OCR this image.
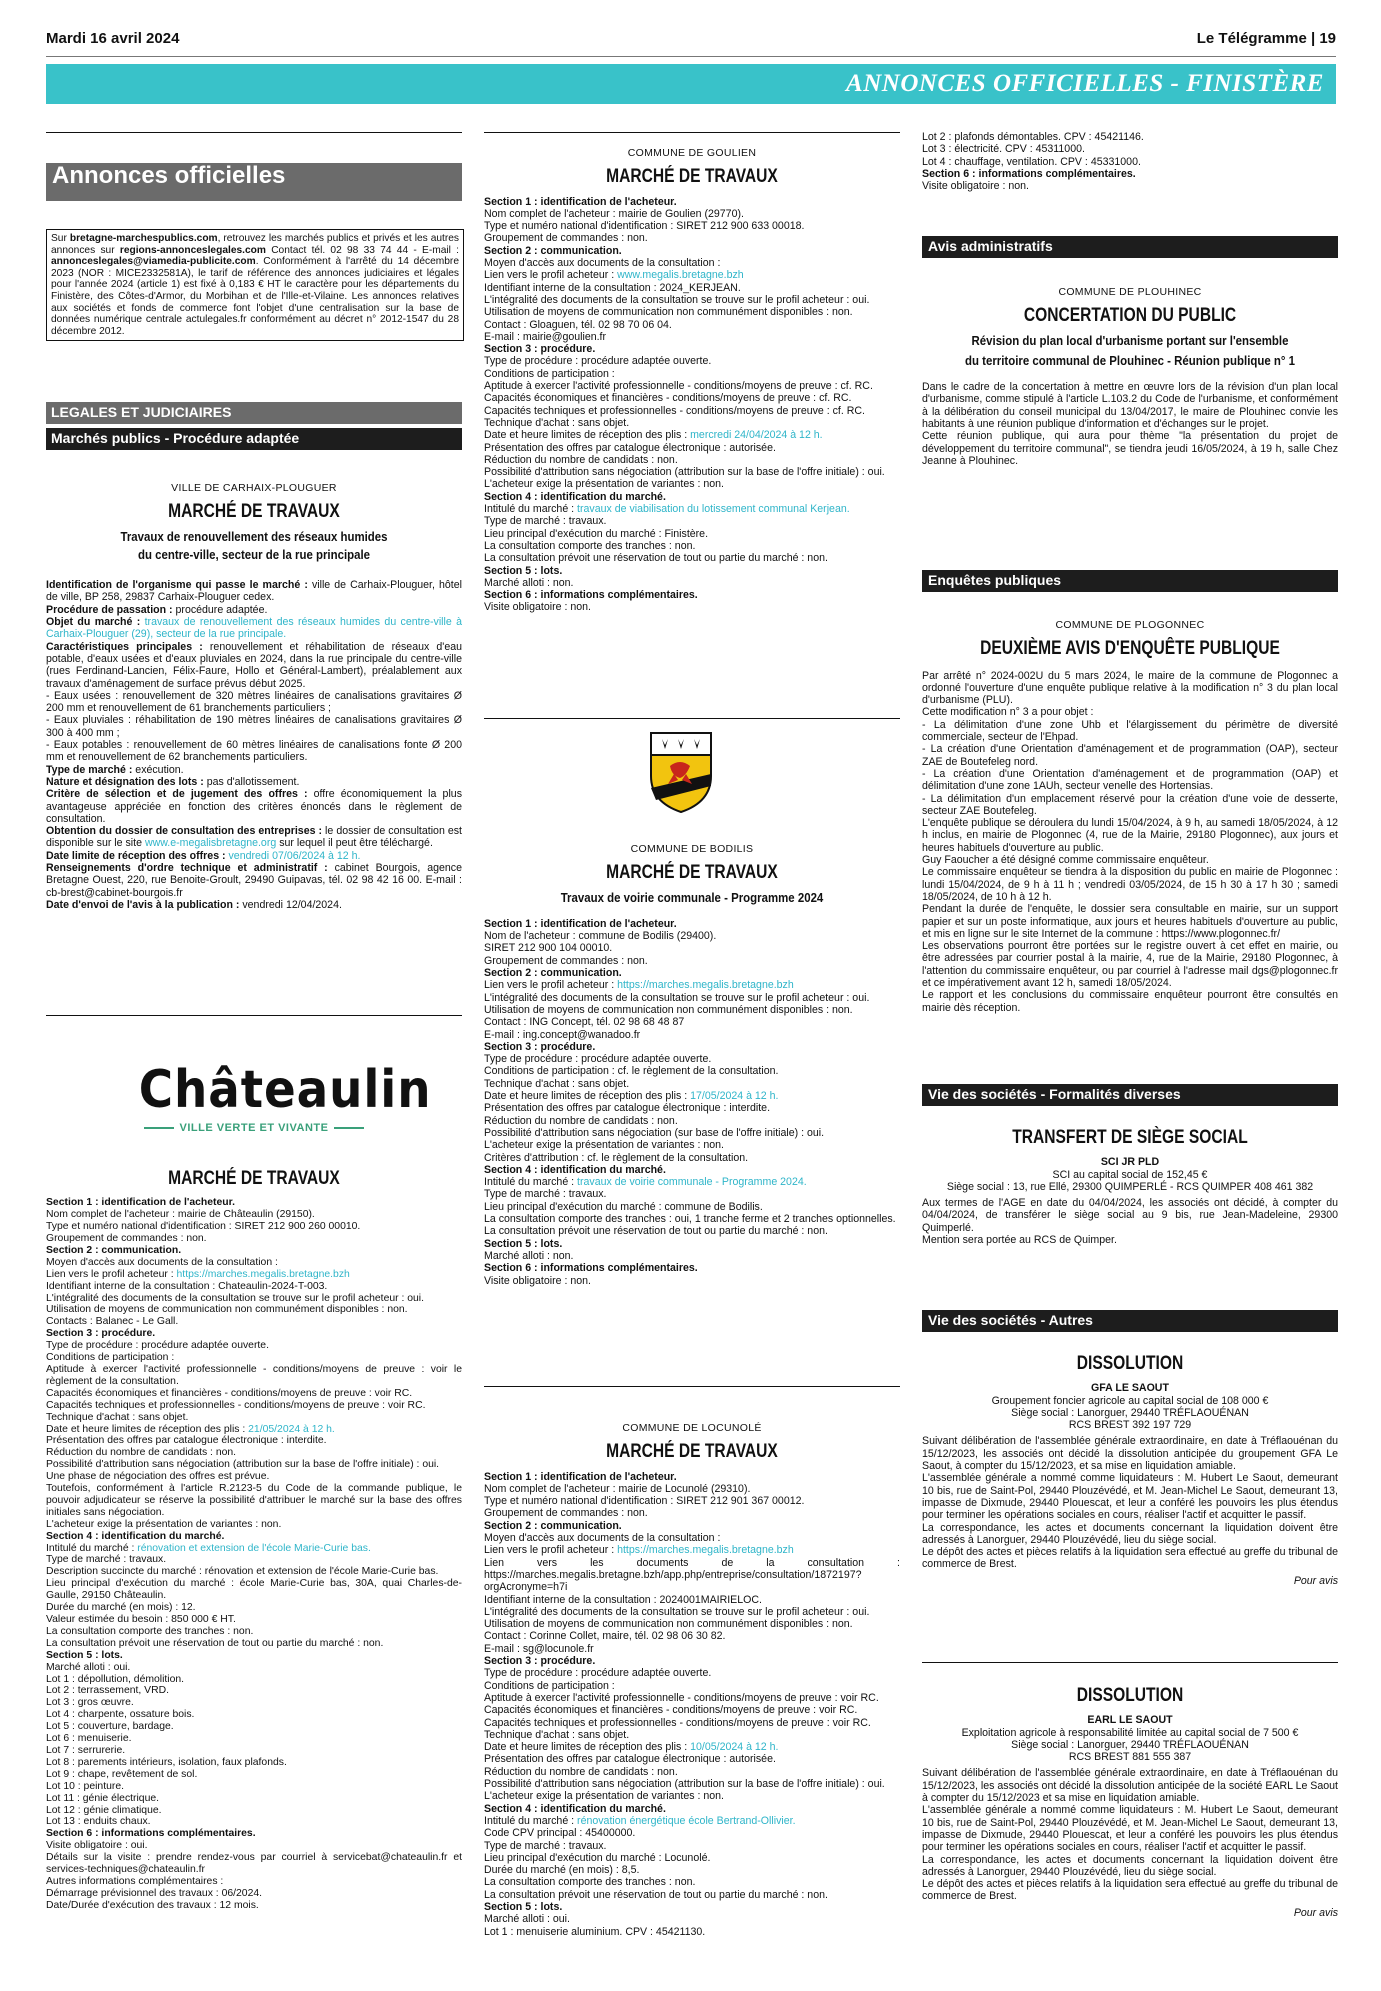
Mardi 16 avril 2024	Le Télégramme | 19
ANNONCES OFFICIELLES - FINISTÈRE
Annonces officielles

Sur bretagne-marchespublics.com, retrouvez les marchés publics et privés et les autres annonces sur regions-annonceslegales.com Contact tél. 02 98 33 74 44 - E-mail : annonceslegales@viamedia-publicite.com. Conformément à l'arrêté du 14 décembre 2023 (NOR : MICE2332581A), le tarif de référence des annonces judiciaires et légales pour l'année 2024 (article 1) est fixé à 0,183 € HT le caractère pour les départements du Finistère, des Côtes-d'Armor, du Morbihan et de l'Ille-et-Vilaine. Les annonces relatives aux sociétés et fonds de commerce font l'objet d'une centralisation sur la base de données numérique centrale actulegales.fr conformément au décret n° 2012-1547 du 28 décembre 2012.

LEGALES ET JUDICIAIRES
Marchés publics - Procédure adaptée
VILLE DE CARHAIX-PLOUGUER
MARCHÉ DE TRAVAUX
Travaux de renouvellement des réseaux humides
du centre-ville, secteur de la rue principale

Identification de l'organisme qui passe le marché : ville de Carhaix-Plouguer, hôtel de ville, BP 258, 29837 Carhaix-Plouguer cedex.

Procédure de passation : procédure adaptée.

Objet du marché : travaux de renouvellement des réseaux humides du centre-ville à Carhaix-Plouguer (29), secteur de la rue principale.

Caractéristiques principales : renouvellement et réhabilitation de réseaux d'eau potable, d'eaux usées et d'eaux pluviales en 2024, dans la rue principale du centre-ville (rues Ferdinand-Lancien, Félix-Faure, Hollo et Général-Lambert), préalablement aux travaux d'aménagement de surface prévus début 2025.

- Eaux usées : renouvellement de 320 mètres linéaires de canalisations gravitaires Ø 200 mm et renouvellement de 61 branchements particuliers ;

- Eaux pluviales : réhabilitation de 190 mètres linéaires de canalisations gravitaires Ø 300 à 400 mm ;

- Eaux potables : renouvellement de 60 mètres linéaires de canalisations fonte Ø 200 mm et renouvellement de 62 branchements particuliers.

Type de marché : exécution.

Nature et désignation des lots : pas d'allotissement.

Critère de sélection et de jugement des offres : offre économiquement la plus avantageuse appréciée en fonction des critères énoncés dans le règlement de consultation.

Obtention du dossier de consultation des entreprises : le dossier de consultation est disponible sur le site www.e-megalisbretagne.org sur lequel il peut être téléchargé.

Date limite de réception des offres : vendredi 07/06/2024 à 12 h.

Renseignements d'ordre technique et administratif : cabinet Bourgois, agence Bretagne Ouest, 220, rue Benoite-Groult, 29490 Guipavas, tél. 02 98 42 16 00. E-mail : cb-brest@cabinet-bourgois.fr

Date d'envoi de l'avis à la publication : vendredi 12/04/2024.

Châteaulin
VILLE VERTE ET VIVANTE
MARCHÉ DE TRAVAUX

Section 1 : identification de l'acheteur.

Nom complet de l'acheteur : mairie de Châteaulin (29150).

Type et numéro national d'identification : SIRET 212 900 260 00010.

Groupement de commandes : non.

Section 2 : communication.

Moyen d'accès aux documents de la consultation :

Lien vers le profil acheteur : https://marches.megalis.bretagne.bzh

Identifiant interne de la consultation : Chateaulin-2024-T-003.

L'intégralité des documents de la consultation se trouve sur le profil acheteur : oui.

Utilisation de moyens de communication non communément disponibles : non.

Contacts : Balanec - Le Gall.

Section 3 : procédure.

Type de procédure : procédure adaptée ouverte.

Conditions de participation :

Aptitude à exercer l'activité professionnelle - conditions/moyens de preuve : voir le règlement de la consultation.

Capacités économiques et financières - conditions/moyens de preuve : voir RC.

Capacités techniques et professionnelles - conditions/moyens de preuve : voir RC.

Technique d'achat : sans objet.

Date et heure limites de réception des plis : 21/05/2024 à 12 h.

Présentation des offres par catalogue électronique : interdite.

Réduction du nombre de candidats : non.

Possibilité d'attribution sans négociation (attribution sur la base de l'offre initiale) : oui.

Une phase de négociation des offres est prévue.

Toutefois, conformément à l'article R.2123-5 du Code de la commande publique, le pouvoir adjudicateur se réserve la possibilité d'attribuer le marché sur la base des offres initiales sans négociation.

L'acheteur exige la présentation de variantes : non.

Section 4 : identification du marché.

Intitulé du marché : rénovation et extension de l'école Marie-Curie bas.

Type de marché : travaux.

Description succincte du marché : rénovation et extension de l'école Marie-Curie bas.

Lieu principal d'exécution du marché : école Marie-Curie bas, 30A, quai Charles-de-Gaulle, 29150 Châteaulin.

Durée du marché (en mois) : 12.

Valeur estimée du besoin : 850 000 € HT.

La consultation comporte des tranches : non.

La consultation prévoit une réservation de tout ou partie du marché : non.

Section 5 : lots.

Marché alloti : oui.

Lot 1 : dépollution, démolition.

Lot 2 : terrassement, VRD.

Lot 3 : gros œuvre.

Lot 4 : charpente, ossature bois.

Lot 5 : couverture, bardage.

Lot 6 : menuiserie.

Lot 7 : serrurerie.

Lot 8 : parements intérieurs, isolation, faux plafonds.

Lot 9 : chape, revêtement de sol.

Lot 10 : peinture.

Lot 11 : génie électrique.

Lot 12 : génie climatique.

Lot 13 : enduits chaux.

Section 6 : informations complémentaires.

Visite obligatoire : oui.

Détails sur la visite : prendre rendez-vous par courriel à servicebat@chateaulin.fr et services-techniques@chateaulin.fr

Autres informations complémentaires :

Démarrage prévisionnel des travaux : 06/2024.

Date/Durée d'exécution des travaux : 12 mois.

COMMUNE DE GOULIEN
MARCHÉ DE TRAVAUX

Section 1 : identification de l'acheteur.

Nom complet de l'acheteur : mairie de Goulien (29770).

Type et numéro national d'identification : SIRET 212 900 633 00018.

Groupement de commandes : non.

Section 2 : communication.

Moyen d'accès aux documents de la consultation :

Lien vers le profil acheteur : www.megalis.bretagne.bzh

Identifiant interne de la consultation : 2024_KERJEAN.

L'intégralité des documents de la consultation se trouve sur le profil acheteur : oui.

Utilisation de moyens de communication non communément disponibles : non.

Contact : Gloaguen, tél. 02 98 70 06 04.

E-mail : mairie@goulien.fr

Section 3 : procédure.

Type de procédure : procédure adaptée ouverte.

Conditions de participation :

Aptitude à exercer l'activité professionnelle - conditions/moyens de preuve : cf. RC.

Capacités économiques et financières - conditions/moyens de preuve : cf. RC.

Capacités techniques et professionnelles - conditions/moyens de preuve : cf. RC.

Technique d'achat : sans objet.

Date et heure limites de réception des plis : mercredi 24/04/2024 à 12 h.

Présentation des offres par catalogue électronique : autorisée.

Réduction du nombre de candidats : non.

Possibilité d'attribution sans négociation (attribution sur la base de l'offre initiale) : oui.

L'acheteur exige la présentation de variantes : non.

Section 4 : identification du marché.

Intitulé du marché : travaux de viabilisation du lotissement communal Kerjean.

Type de marché : travaux.

Lieu principal d'exécution du marché : Finistère.

La consultation comporte des tranches : non.

La consultation prévoit une réservation de tout ou partie du marché : non.

Section 5 : lots.

Marché alloti : non.

Section 6 : informations complémentaires.

Visite obligatoire : non.

COMMUNE DE BODILIS
MARCHÉ DE TRAVAUX
Travaux de voirie communale - Programme 2024

Section 1 : identification de l'acheteur.

Nom de l'acheteur : commune de Bodilis (29400).

SIRET 212 900 104 00010.

Groupement de commandes : non.

Section 2 : communication.

Lien vers le profil acheteur : https://marches.megalis.bretagne.bzh

L'intégralité des documents de la consultation se trouve sur le profil acheteur : oui.

Utilisation de moyens de communication non communément disponibles : non.

Contact : ING Concept, tél. 02 98 68 48 87

E-mail : ing.concept@wanadoo.fr

Section 3 : procédure.

Type de procédure : procédure adaptée ouverte.

Conditions de participation : cf. le règlement de la consultation.

Technique d'achat : sans objet.

Date et heure limites de réception des plis : 17/05/2024 à 12 h.

Présentation des offres par catalogue électronique : interdite.

Réduction du nombre de candidats : non.

Possibilité d'attribution sans négociation (sur base de l'offre initiale) : oui.

L'acheteur exige la présentation de variantes : non.

Critères d'attribution : cf. le règlement de la consultation.

Section 4 : identification du marché.

Intitulé du marché : travaux de voirie communale - Programme 2024.

Type de marché : travaux.

Lieu principal d'exécution du marché : commune de Bodilis.

La consultation comporte des tranches : oui, 1 tranche ferme et 2 tranches optionnelles.

La consultation prévoit une réservation de tout ou partie du marché : non.

Section 5 : lots.

Marché alloti : non.

Section 6 : informations complémentaires.

Visite obligatoire : non.

COMMUNE DE LOCUNOLÉ
MARCHÉ DE TRAVAUX

Section 1 : identification de l'acheteur.

Nom complet de l'acheteur : mairie de Locunolé (29310).

Type et numéro national d'identification : SIRET 212 901 367 00012.

Groupement de commandes : non.

Section 2 : communication.

Moyen d'accès aux documents de la consultation :

Lien vers le profil acheteur : https://marches.megalis.bretagne.bzh

Lien vers les documents de la consultation : https://marches.megalis.bretagne.bzh/app.php/entreprise/consultation/1872197?orgAcronyme=h7i

Identifiant interne de la consultation : 2024001MAIRIELOC.

L'intégralité des documents de la consultation se trouve sur le profil acheteur : oui.

Utilisation de moyens de communication non communément disponibles : non.

Contact : Corinne Collet, maire, tél. 02 98 06 30 82.

E-mail : sg@locunole.fr

Section 3 : procédure.

Type de procédure : procédure adaptée ouverte.

Conditions de participation :

Aptitude à exercer l'activité professionnelle - conditions/moyens de preuve : voir RC.

Capacités économiques et financières - conditions/moyens de preuve : voir RC.

Capacités techniques et professionnelles - conditions/moyens de preuve : voir RC.

Technique d'achat : sans objet.

Date et heure limites de réception des plis : 10/05/2024 à 12 h.

Présentation des offres par catalogue électronique : autorisée.

Réduction du nombre de candidats : non.

Possibilité d'attribution sans négociation (attribution sur la base de l'offre initiale) : oui.

L'acheteur exige la présentation de variantes : non.

Section 4 : identification du marché.

Intitulé du marché : rénovation énergétique école Bertrand-Ollivier.

Code CPV principal : 45400000.

Type de marché : travaux.

Lieu principal d'exécution du marché : Locunolé.

Durée du marché (en mois) : 8,5.

La consultation comporte des tranches : non.

La consultation prévoit une réservation de tout ou partie du marché : non.

Section 5 : lots.

Marché alloti : oui.

Lot 1 : menuiserie aluminium. CPV : 45421130.

Lot 2 : plafonds démontables. CPV : 45421146.

Lot 3 : électricité. CPV : 45311000.

Lot 4 : chauffage, ventilation. CPV : 45331000.

Section 6 : informations complémentaires.

Visite obligatoire : non.

Avis administratifs
COMMUNE DE PLOUHINEC
CONCERTATION DU PUBLIC
Révision du plan local d'urbanisme portant sur l'ensemble
du territoire communal de Plouhinec - Réunion publique n° 1

Dans le cadre de la concertation à mettre en œuvre lors de la révision d'un plan local d'urbanisme, comme stipulé à l'article L.103.2 du Code de l'urbanisme, et conformément à la délibération du conseil municipal du 13/04/2017, le maire de Plouhinec convie les habitants à une réunion publique d'information et d'échanges sur le projet.

Cette réunion publique, qui aura pour thème "la présentation du projet de développement du territoire communal", se tiendra jeudi 16/05/2024, à 19 h, salle Chez Jeanne à Plouhinec.

Enquêtes publiques
COMMUNE DE PLOGONNEC
DEUXIÈME AVIS D'ENQUÊTE PUBLIQUE

Par arrêté n° 2024-002U du 5 mars 2024, le maire de la commune de Plogonnec a ordonné l'ouverture d'une enquête publique relative à la modification n° 3 du plan local d'urbanisme (PLU).

Cette modification n° 3 a pour objet :

- La délimitation d'une zone Uhb et l'élargissement du périmètre de diversité commerciale, secteur de l'Ehpad.

- La création d'une Orientation d'aménagement et de programmation (OAP), secteur ZAE de Boutefeleg nord.

- La création d'une Orientation d'aménagement et de programmation (OAP) et délimitation d'une zone 1AUh, secteur venelle des Hortensias.

- La délimitation d'un emplacement réservé pour la création d'une voie de desserte, secteur ZAE Boutefeleg.

L'enquête publique se déroulera du lundi 15/04/2024, à 9 h, au samedi 18/05/2024, à 12 h inclus, en mairie de Plogonnec (4, rue de la Mairie, 29180 Plogonnec), aux jours et heures habituels d'ouverture au public.

Guy Faoucher a été désigné comme commissaire enquêteur.

Le commissaire enquêteur se tiendra à la disposition du public en mairie de Plogonnec : lundi 15/04/2024, de 9 h à 11 h ; vendredi 03/05/2024, de 15 h 30 à 17 h 30 ; samedi 18/05/2024, de 10 h à 12 h.

Pendant la durée de l'enquête, le dossier sera consultable en mairie, sur un support papier et sur un poste informatique, aux jours et heures habituels d'ouverture au public, et mis en ligne sur le site Internet de la commune : https://www.plogonnec.fr/

Les observations pourront être portées sur le registre ouvert à cet effet en mairie, ou être adressées par courrier postal à la mairie, 4, rue de la Mairie, 29180 Plogonnec, à l'attention du commissaire enquêteur, ou par courriel à l'adresse mail dgs@plogonnec.fr et ce impérativement avant 12 h, samedi 18/05/2024.

Le rapport et les conclusions du commissaire enquêteur pourront être consultés en mairie dès réception.

Vie des sociétés - Formalités diverses
TRANSFERT DE SIÈGE SOCIAL
SCI JR PLD
SCI au capital social de 152,45 €
Siège social : 13, rue Ellé, 29300 QUIMPERLÉ - RCS QUIMPER 408 461 382

Aux termes de l'AGE en date du 04/04/2024, les associés ont décidé, à compter du 04/04/2024, de transférer le siège social au 9 bis, rue Jean-Madeleine, 29300 Quimperlé.

Mention sera portée au RCS de Quimper.

Vie des sociétés - Autres
DISSOLUTION
GFA LE SAOUT
Groupement foncier agricole au capital social de 108 000 €
Siège social : Lanorguer, 29440 TRÉFLAOUÉNAN
RCS BREST 392 197 729

Suivant délibération de l'assemblée générale extraordinaire, en date à Tréflaouénan du 15/12/2023, les associés ont décidé la dissolution anticipée du groupement GFA Le Saout, à compter du 15/12/2023, et sa mise en liquidation amiable.

L'assemblée générale a nommé comme liquidateurs : M. Hubert Le Saout, demeurant 10 bis, rue de Saint-Pol, 29440 Plouzévédé, et M. Jean-Michel Le Saout, demeurant 13, impasse de Dixmude, 29440 Plouescat, et leur a conféré les pouvoirs les plus étendus pour terminer les opérations sociales en cours, réaliser l'actif et acquitter le passif.

La correspondance, les actes et documents concernant la liquidation doivent être adressés à Lanorguer, 29440 Plouzévédé, lieu du siège social.

Le dépôt des actes et pièces relatifs à la liquidation sera effectué au greffe du tribunal de commerce de Brest.

Pour avis
DISSOLUTION
EARL LE SAOUT
Exploitation agricole à responsabilité limitée au capital social de 7 500 €
Siège social : Lanorguer, 29440 TRÉFLAOUÉNAN
RCS BREST 881 555 387

Suivant délibération de l'assemblée générale extraordinaire, en date à Tréflaouénan du 15/12/2023, les associés ont décidé la dissolution anticipée de la société EARL Le Saout à compter du 15/12/2023 et sa mise en liquidation amiable.

L'assemblée générale a nommé comme liquidateurs : M. Hubert Le Saout, demeurant 10 bis, rue de Saint-Pol, 29440 Plouzévédé, et M. Jean-Michel Le Saout, demeurant 13, impasse de Dixmude, 29440 Plouescat, et leur a conféré les pouvoirs les plus étendus pour terminer les opérations sociales en cours, réaliser l'actif et acquitter le passif.

La correspondance, les actes et documents concernant la liquidation doivent être adressés à Lanorguer, 29440 Plouzévédé, lieu du siège social.

Le dépôt des actes et pièces relatifs à la liquidation sera effectué au greffe du tribunal de commerce de Brest.

Pour avis
